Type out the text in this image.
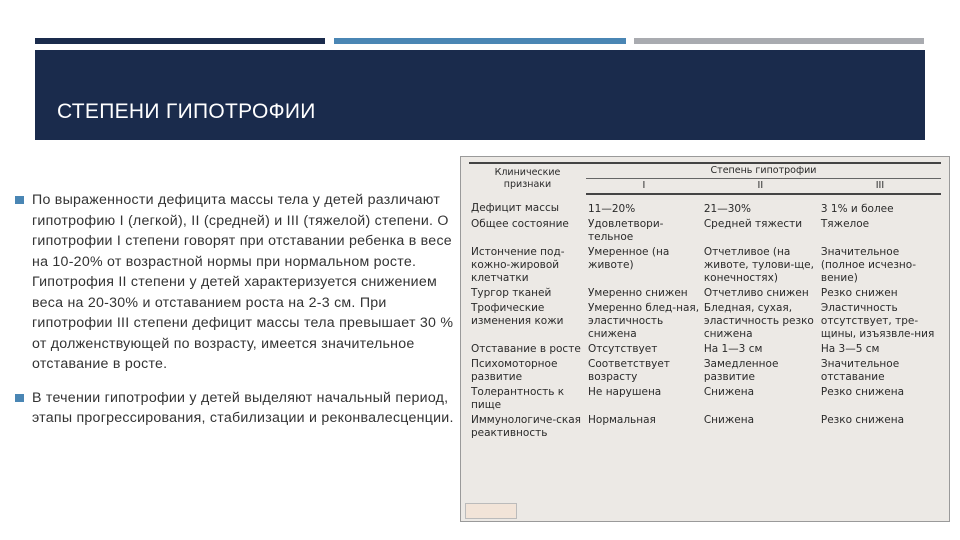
СТЕПЕНИ ГИПОТРОФИИ
По выраженности дефицита массы тела у детей различают гипотрофию I (легкой), II (средней) и III (тяжелой) степени. О гипотрофии I степени говорят при отставании ребенка в весе на 10-20% от возрастной нормы при нормальном росте. Гипотрофия II степени у детей характеризуется снижением веса на 20-30% и отставанием роста на 2-3 см. При гипотрофии III степени дефицит массы тела превышает 30 % от долженствующей по возрасту, имеется значительное отставание в росте.
В течении гипотрофии у детей выделяют начальный период, этапы прогрессирования, стабилизации и реконвалесценции.
Клинические признаки	Степень гипотрофии		
	I	II	III
Дефицит массы	11—20%	21—30%	3 1% и более
Общее состояние	Удовлетвори-тельное	Средней тяжести	Тяжелое
Истончение под-кожно-жировой клетчатки	Умеренное (на животе)	Отчетливое (на животе, тулови-ще, конечностях)	Значительное (полное исчезно-вение)
Тургор тканей	Умеренно снижен	Отчетливо снижен	Резко снижен
Трофические изменения кожи	Умеренно блед-ная, эластичность снижена	Бледная, сухая, эластичность резко снижена	Эластичность отсутствует, тре-щины, изъязвле-ния
Отставание в росте	Отсутствует	На 1—3 см	На 3—5 см
Психомоторное развитие	Соответствует возрасту	Замедленное развитие	Значительное отставание
Толерантность к пище	Не нарушена	Снижена	Резко снижена
Иммунологиче-ская реактивность	Нормальная	Снижена	Резко снижена
